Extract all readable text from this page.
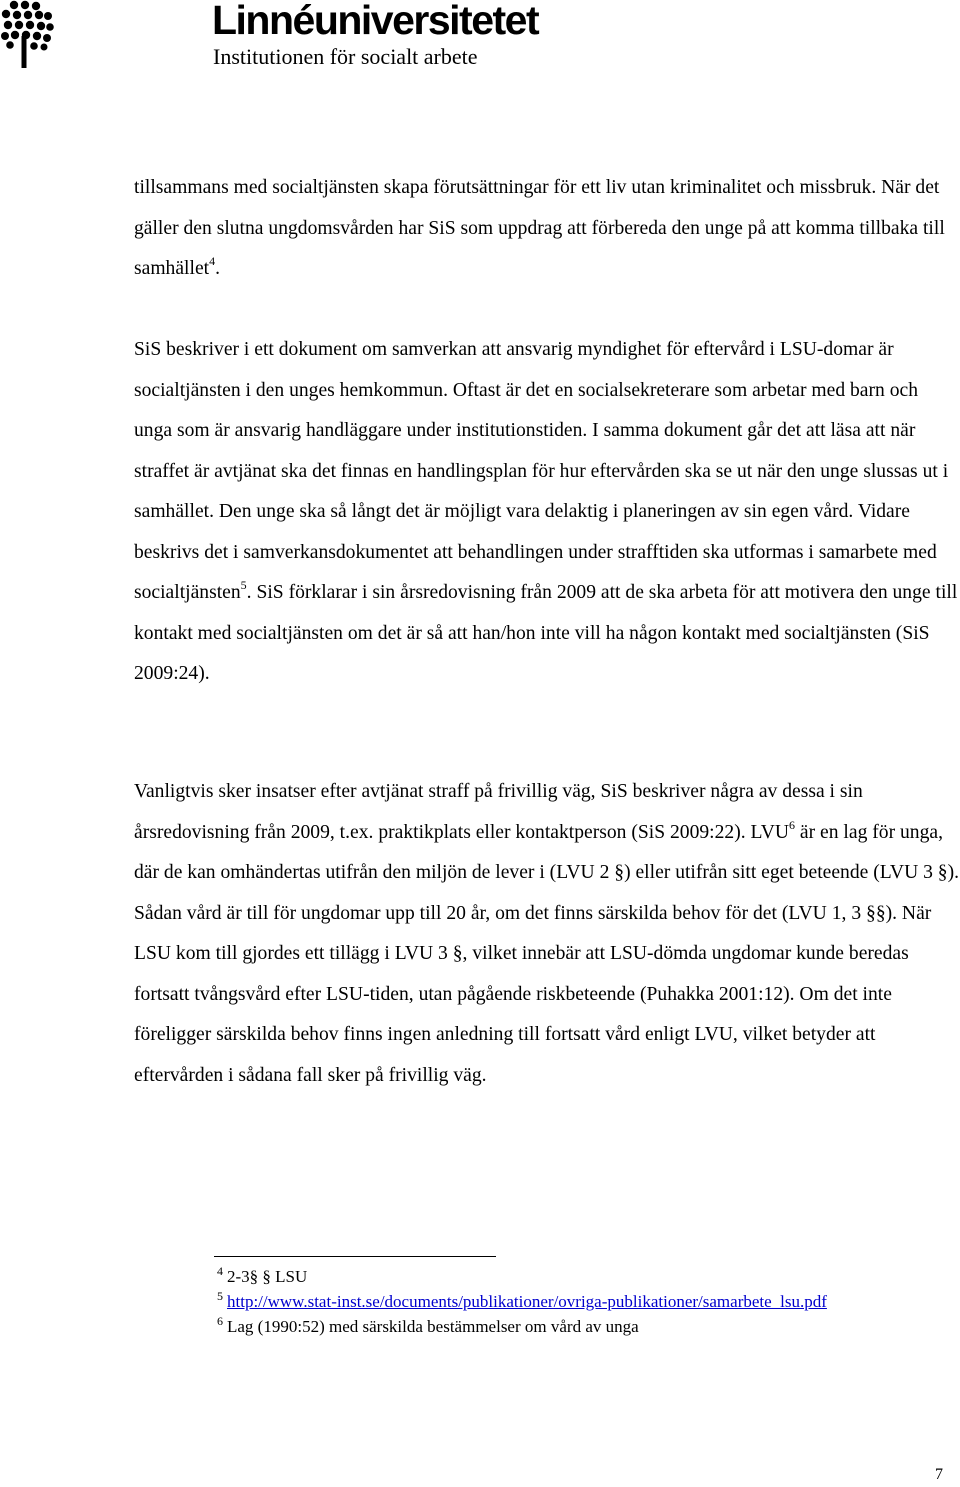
Linnéuniversitetet
Institutionen för socialt arbete

tillsammans med socialtjänsten skapa förutsättningar för ett liv utan kriminalitet och missbruk. När det gäller den slutna ungdomsvården har SiS som uppdrag att förbereda den unge på att komma tillbaka till samhället$^4$.

SiS beskriver i ett dokument om samverkan att ansvarig myndighet för eftervård i LSU-domar är socialtjänsten i den unges hemkommun. Oftast är det en socialsekreterare som arbetar med barn och unga som är ansvarig handläggare under institutionstiden. I samma dokument går det att läsa att när straffet är avtjänat ska det finnas en handlingsplan för hur eftervården ska se ut när den unge slussas ut i samhället. Den unge ska så långt det är möjligt vara delaktig i planeringen av sin egen vård. Vidare beskrivs det i samverkansdokumentet att behandlingen under strafftiden ska utformas i samarbete med socialtjänsten$^5$. SiS förklarar i sin årsredovisning från 2009 att de ska arbeta för att motivera den unge till kontakt med socialtjänsten om det är så att han/hon inte vill ha någon kontakt med socialtjänsten (SiS 2009:24).

Vanligtvis sker insatser efter avtjänat straff på frivillig väg, SiS beskriver några av dessa i sin årsredovisning från 2009, t.ex. praktikplats eller kontaktperson (SiS 2009:22). LVU$^6$ är en lag för unga, där de kan omhändertas utifrån den miljön de lever i (LVU 2 §) eller utifrån sitt eget beteende (LVU 3 §). Sådan vård är till för ungdomar upp till 20 år, om det finns särskilda behov för det (LVU 1, 3 §§). När LSU kom till gjordes ett tillägg i LVU 3 §, vilket innebär att LSU-dömda ungdomar kunde beredas fortsatt tvångsvård efter LSU-tiden, utan pågående riskbeteende (Puhakka 2001:12). Om det inte föreligger särskilda behov finns ingen anledning till fortsatt vård enligt LVU, vilket betyder att eftervården i sådana fall sker på frivillig väg.

$^4$ 2-3§ § LSU
$^5$ http://www.stat-inst.se/documents/publikationer/ovriga-publikationer/samarbete_lsu.pdf
$^6$ Lag (1990:52) med särskilda bestämmelser om vård av unga
7
